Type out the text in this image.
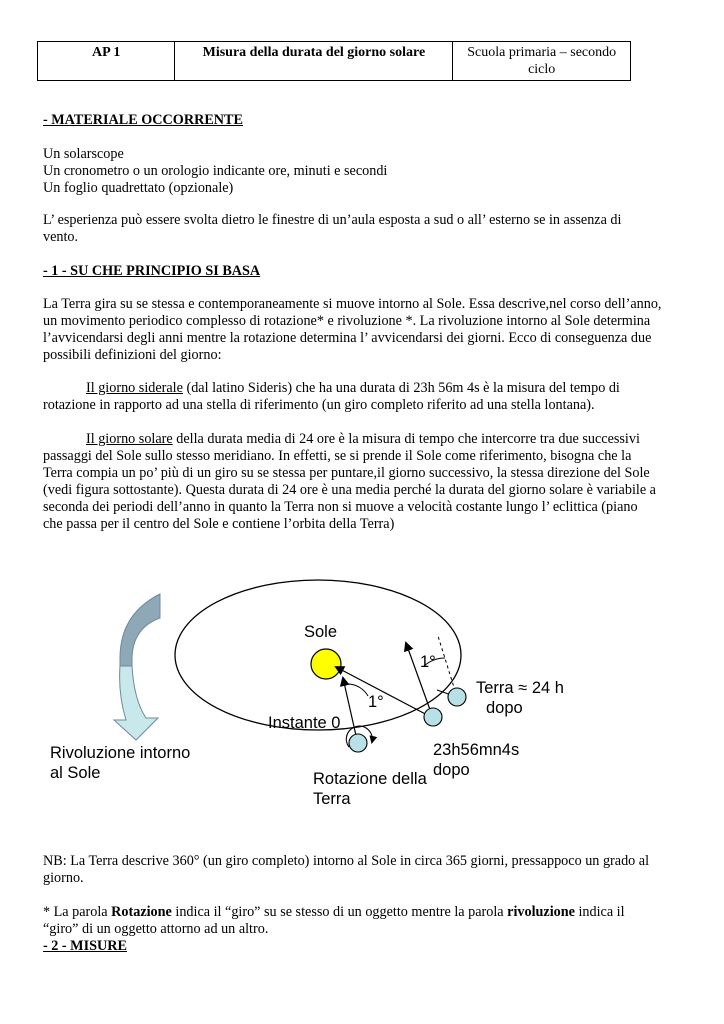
AP 1	Misura della durata del giorno solare	Scuola primaria – secondo ciclo
- MATERIALE OCCORRENTE
Un solarscope
Un cronometro o un orologio indicante ore, minuti e secondi
Un foglio quadrettato (opzionale)
L’ esperienza può essere svolta dietro le finestre di un’aula esposta a sud o all’ esterno se in assenza di
vento.
- 1 - SU CHE PRINCIPIO SI BASA
La Terra gira su se stessa e contemporaneamente si muove intorno al Sole. Essa descrive,nel corso dell’anno,
un movimento periodico complesso di rotazione* e rivoluzione *. La rivoluzione intorno al Sole determina
l’avvicendarsi degli anni mentre la rotazione determina l’ avvicendarsi dei giorni. Ecco di conseguenza due
possibili definizioni del giorno:
Il giorno siderale (dal latino Sideris) che ha una durata di 23h 56m 4s è la misura del tempo di
rotazione in rapporto ad una stella di riferimento (un giro completo riferito ad una stella lontana).
Il giorno solare della durata media di 24 ore è la misura di tempo che intercorre tra due successivi
passaggi del Sole sullo stesso meridiano. In effetti, se si prende il Sole come riferimento, bisogna che la
Terra compia un po’ più di un giro su se stessa per puntare,il giorno successivo, la stessa direzione del Sole
(vedi figura sottostante). Questa durata di 24 ore è una media perché la durata del giorno solare è variabile a
seconda dei periodi dell’anno in quanto la Terra non si muove a velocità costante lungo l’ eclittica (piano
che passa per il centro del Sole e contiene l’orbita della Terra)
Sole
Instante 0
1°
1°
Terra ≈ 24 h
dopo
23h56mn4s
dopo
Rotazione della
Terra
Rivoluzione intorno
al Sole
NB: La Terra descrive 360° (un giro completo) intorno al Sole in circa 365 giorni, pressappoco un grado al
giorno.
* La parola Rotazione indica il “giro” su se stesso di un oggetto mentre la parola rivoluzione indica il
“giro” di un oggetto attorno ad un altro.
- 2 - MISURE
